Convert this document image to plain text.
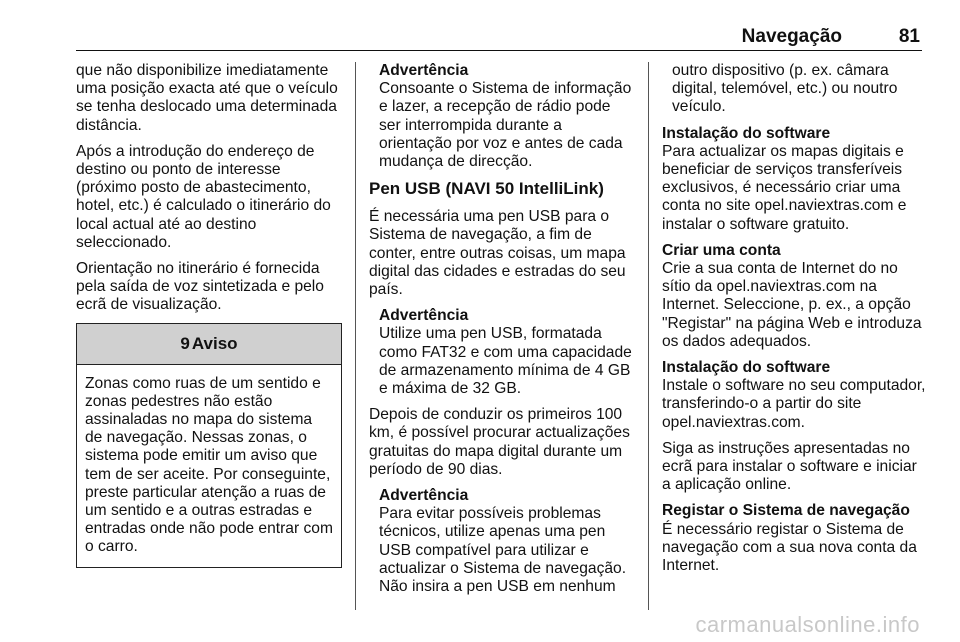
Navegação	81

que não disponibilize imediatamente uma posição exacta até que o veículo se tenha deslocado uma determinada distância.

Após a introdução do endereço de destino ou ponto de interesse (próximo posto de abastecimento, hotel, etc.) é calculado o itinerário do local actual até ao destino seleccionado.

Orientação no itinerário é fornecida pela saída de voz sintetizada e pelo ecrã de visualização.

9 Aviso
Zonas como ruas de um sentido e zonas pedestres não estão assinaladas no mapa do sistema de navegação. Nessas zonas, o sistema pode emitir um aviso que tem de ser aceite. Por conseguinte, preste particular atenção a ruas de um sentido e a outras estradas e entradas onde não pode entrar com o carro.
Advertência
Consoante o Sistema de informação e lazer, a recepção de rádio pode ser interrompida durante a orientação por voz e antes de cada mudança de direcção.
Pen USB (NAVI 50 IntelliLink)

É necessária uma pen USB para o Sistema de navegação, a fim de conter, entre outras coisas, um mapa digital das cidades e estradas do seu país.

Advertência
Utilize uma pen USB, formatada como FAT32 e com uma capacidade de armazenamento mínima de 4 GB e máxima de 32 GB.

Depois de conduzir os primeiros 100 km, é possível procurar actualizações gratuitas do mapa digital durante um período de 90 dias.

Advertência
Para evitar possíveis problemas técnicos, utilize apenas uma pen USB compatível para utilizar e actualizar o Sistema de navegação. Não insira a pen USB em nenhum
outro dispositivo (p. ex. câmara digital, telemóvel, etc.) ou noutro veículo.
Instalação do software
Para actualizar os mapas digitais e beneficiar de serviços transferíveis exclusivos, é necessário criar uma conta no site opel.naviextras.com e instalar o software gratuito.
Criar uma conta
Crie a sua conta de Internet do no sítio da opel.naviextras.com na Internet. Seleccione, p. ex., a opção "Registar" na página Web e introduza os dados adequados.
Instalação do software
Instale o software no seu computador, transferindo-o a partir do site opel.naviextras.com.

Siga as instruções apresentadas no ecrã para instalar o software e iniciar a aplicação online.

Registar o Sistema de navegação
É necessário registar o Sistema de navegação com a sua nova conta da Internet.
carmanualsonline.info
